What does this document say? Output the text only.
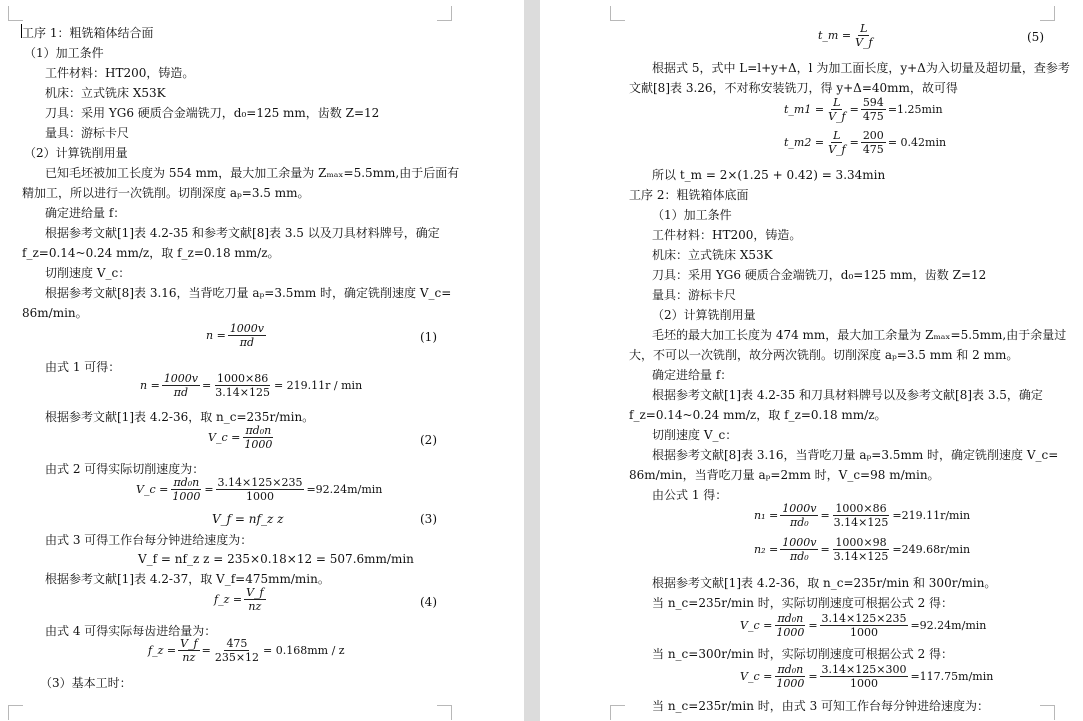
工序 1：粗铣箱体结合面
（1）加工条件
工件材料：HT200，铸造。
机床：立式铣床 X53K
刀具：采用 YG6 硬质合金端铣刀，d₀=125 mm，齿数 Z=12
量具：游标卡尺
（2）计算铣削用量
已知毛坯被加工长度为 554 mm，最大加工余量为 Zₘₐₓ=5.5mm,由于后面有
精加工，所以进行一次铣削。切削深度 aₚ=3.5 mm。
确定进给量 f：
根据参考文献[1]表 4.2-35 和参考文献[8]表 3.5 以及刀具材料牌号，确定
f_z=0.14~0.24 mm/z，取 f_z=0.18 mm/z。
切削速度 V_c：
根据参考文献[8]表 3.16，当背吃刀量 aₚ=3.5mm 时，确定铣削速度 V_c=
86m/min。
$n = \frac{1000v}{\pi d}$	(1)
由式 1 可得：
$n = \frac{1000v}{\pi d} = \frac{1000\times 86}{3.14\times 125} = 219.11r / \min$
根据参考文献[1]表 4.2-36，取 n_c=235r/min。
V_c = $\frac{\text{πd₀n}}{1000}$	(2)
由式 2 可得实际切削速度为：
V_c = $\frac{\text{πd₀n}}{1000} = \frac{3.14\times 125\times 235}{1000} =92.24m/\min$
V_f = nf_z z	(3)
由式 3 可得工作台每分钟进给速度为：
V_f = nf_z z = 235×0.18×12 = 507.6mm/min
根据参考文献[1]表 4.2-37，取 V_f=475mm/min。
f_z = $\frac{V\_f}{nz}$	(4)
由式 4 可得实际每齿进给量为：
f_z = $\frac{V\_f}{nz} = \frac{475}{235\times 12} = 0.168mm / z$
（3）基本工时：
t_m = $\frac{L}{V\_f}$	(5)
根据式 5，式中 L=l+y+Δ，l 为加工面长度，y+Δ为入切量及超切量，查参考
文献[8]表 3.26，不对称安装铣刀，得 y+Δ=40mm，故可得
t_m1 = $\frac{L}{V\_f} = \frac{594}{475} =1.25\min$
t_m2 = $\frac{L}{V\_f} = \frac{200}{475} = 0.42\min$
所以 t_m = 2×(1.25 + 0.42) = 3.34min
工序 2：粗铣箱体底面
（1）加工条件
工件材料：HT200，铸造。
机床：立式铣床 X53K
刀具：采用 YG6 硬质合金端铣刀，d₀=125 mm，齿数 Z=12
量具：游标卡尺
（2）计算铣削用量
毛坯的最大加工长度为 474 mm，最大加工余量为 Zₘₐₓ=5.5mm,由于余量过
大，不可以一次铣削，故分两次铣削。切削深度 aₚ=3.5 mm 和 2 mm。
确定进给量 f：
根据参考文献[1]表 4.2-35 和刀具材料牌号以及参考文献[8]表 3.5，确定
f_z=0.14~0.24 mm/z，取 f_z=0.18 mm/z。
切削速度 V_c：
根据参考文献[8]表 3.16，当背吃刀量 aₚ=3.5mm 时，确定铣削速度 V_c=
86m/min，当背吃刀量 aₚ=2mm 时，V_c=98 m/min。
由公式 1 得：
$n_1 = \frac{1000v}{\text{πd₀}} = \frac{1000\times 86}{3.14\times 125} =219.11r/\min$
$n_2 = \frac{1000v}{\text{πd₀}} = \frac{1000\times 98}{3.14\times 125} =249.68r/\min$
根据参考文献[1]表 4.2-36，取 n_c=235r/min 和 300r/min。
当 n_c=235r/min 时，实际切削速度可根据公式 2 得：
V_c = $\frac{\text{πd₀n}}{1000} = \frac{3.14\times 125\times 235}{1000} =92.24m/\min$
当 n_c=300r/min 时，实际切削速度可根据公式 2 得：
V_c = $\frac{\text{πd₀n}}{1000} = \frac{3.14\times 125\times 300}{1000} =117.75m/\min$
当 n_c=235r/min 时，由式 3 可知工作台每分钟进给速度为：
